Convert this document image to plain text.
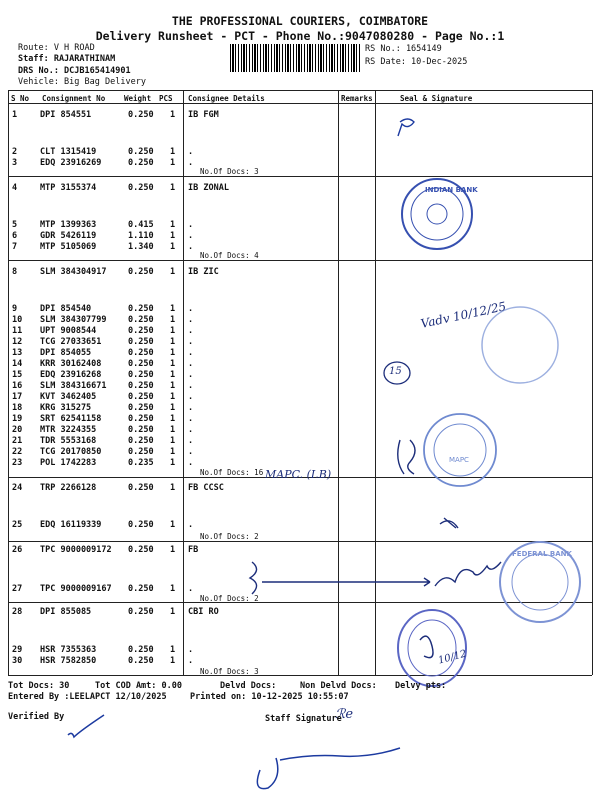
THE PROFESSIONAL COURIERS, COIMBATORE
Delivery Runsheet - PCT - Phone No.:9047080280 - Page No.:1
Route: V H ROAD
Staff: RAJARATHINAM
DRS No.: DCJB165414901
Vehicle: Big Bag Delivery
RS No.: 1654149
RS Date: 10-Dec-2025
S No Consignment No	Weight PCS Consignee Details	Remarks	Seal & Signature
1	DPI 854551	0.250 1 IB FGM
2	CLT 1315419	0.250 1 .
3	EDQ 23916269	0.250 1 .
4	MTP 3155374	0.250 1 IB ZONAL
5	MTP 1399363	0.415 1 .
6	GDR 5426119	1.110 1 .
7	MTP 5105069	1.340 1 .
8	SLM 384304917	0.250 1 IB ZIC
9	DPI 854540	0.250 1 .
10 SLM 384307799	0.250 1 .
11 UPT 9008544	0.250 1 .
12 TCG 27033651	0.250 1 .
13 DPI 854055	0.250 1 .
14 KRR 30162408	0.250 1 .
15 EDQ 23916268	0.250 1 .
16 SLM 384316671	0.250 1 .
17 KVT 3462405	0.250 1 .
18 KRG 315275	0.250 1 .
19 SRT 62541158	0.250 1 .
20 MTR 3224355	0.250 1 .
21 TDR 5553168	0.250 1 .
22 TCG 20170850	0.250 1 .
23 POL 1742283	0.235 1 .
24 TRP 2266128	0.250 1 FB CCSC
25 EDQ 16119339	0.250 1 .
26 TPC 9000009172 0.250 1 FB
27 TPC 9000009167 0.250 1 .
28 DPI 855085	0.250 1 CBI RO
29 HSR 7355363	0.250 1 .
30 HSR 7582850	0.250 1 .
No.Of Docs: 3
No.Of Docs: 4
No.Of Docs: 16
No.Of Docs: 2
No.Of Docs: 2
No.Of Docs: 3
INDIAN BANK
MAPC
FEDERAL BANK
MAPC. (I.B)
Vadv 10/12/25
15
10/12
ℛe
Tot Docs: 30	Tot COD Amt: 0.00	Delvd Docs:	Non Delvd Docs: Delvy pts:
Entered By :LEELAPCT 12/10/2025	Printed on: 10-12-2025 10:55:07
Verified By	Staff Signature
